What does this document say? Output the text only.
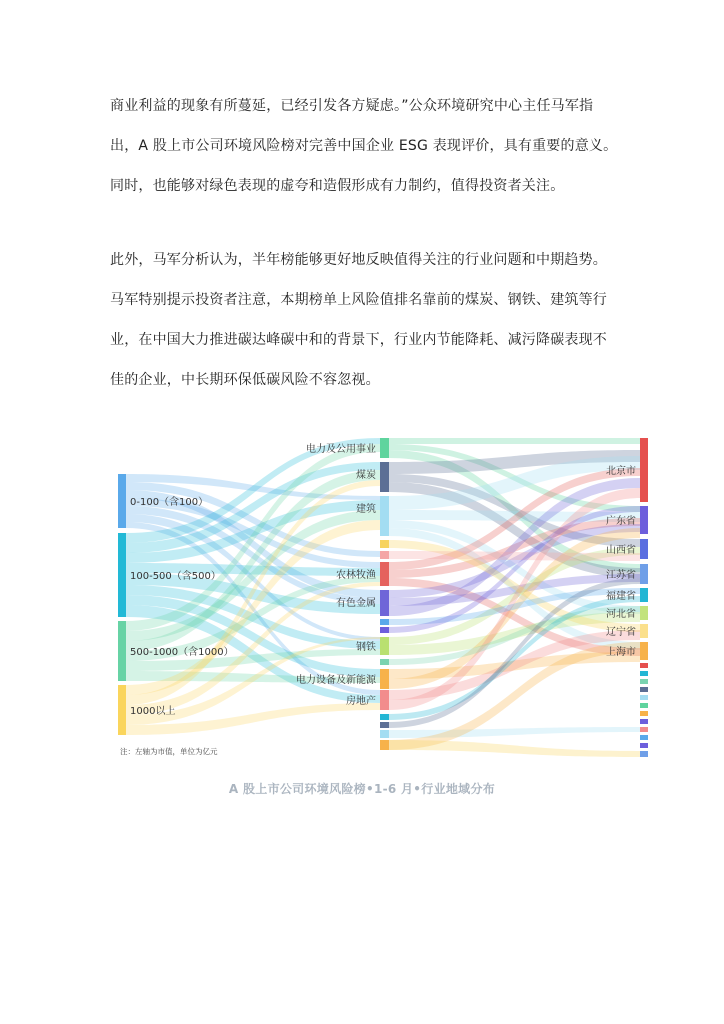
商业利益的现象有所蔓延，已经引发各方疑虑。”公众环境研究中心主任马军指
出，A 股上市公司环境风险榜对完善中国企业 ESG 表现评价，具有重要的意义。
同时，也能够对绿色表现的虚夸和造假形成有力制约，值得投资者关注。
此外，马军分析认为，半年榜能够更好地反映值得关注的行业问题和中期趋势。
马军特别提示投资者注意，本期榜单上风险值排名靠前的煤炭、钢铁、建筑等行
业，在中国大力推进碳达峰碳中和的背景下，行业内节能降耗、减污降碳表现不
佳的企业，中长期环保低碳风险不容忽视。
0-100（含100）
100-500（含500）
500-1000（含1000）
1000以上
电力及公用事业
煤炭
建筑
农林牧渔
有色金属
钢铁
电力设备及新能源
房地产
北京市
广东省
山西省
江苏省
福建省
河北省
辽宁省
上海市
注：左轴为市值，单位为亿元
A 股上市公司环境风险榜•1-6 月•行业地域分布
